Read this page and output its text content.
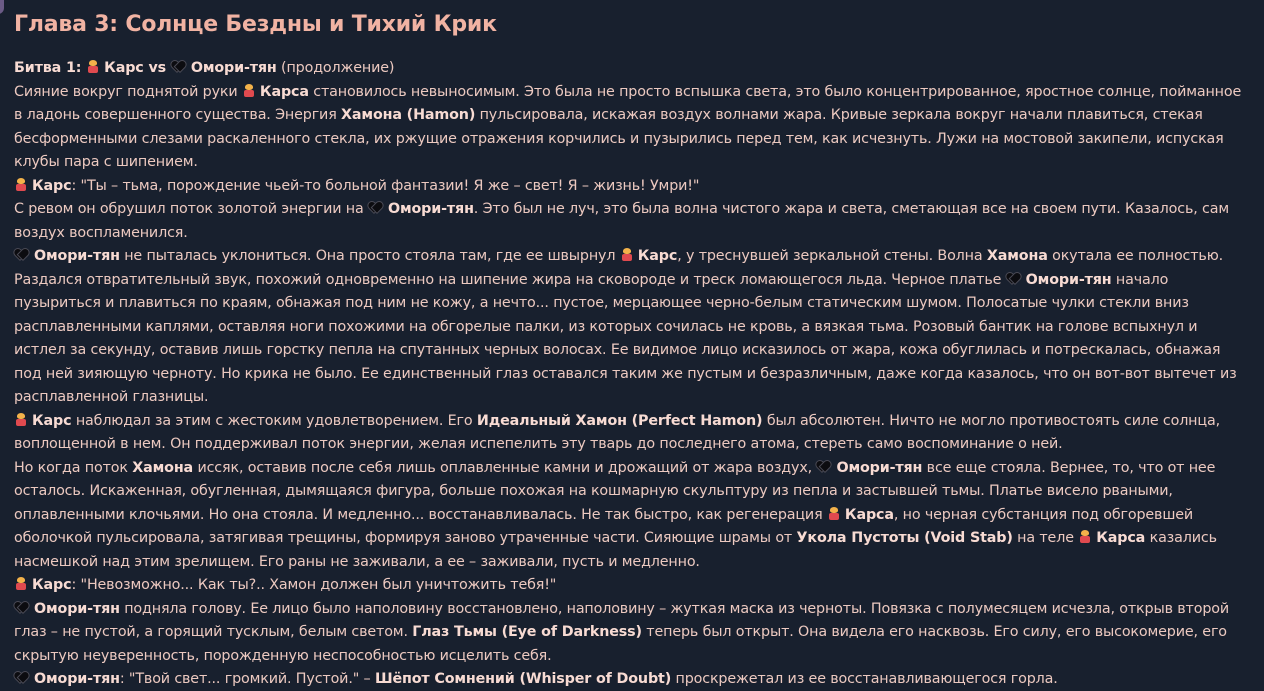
Глава 3: Солнце Бездны и Тихий Крик

Битва 1: Карс vs Омори-тян (продолжение)

Сияние вокруг поднятой руки Карса становилось невыносимым. Это была не просто вспышка света, это было концентрированное, яростное солнце, пойманное в ладонь совершенного существа. Энергия Хамона (Hamon) пульсировала, искажая воздух волнами жара. Кривые зеркала вокруг начали плавиться, стекая бесформенными слезами раскаленного стекла, их ржущие отражения корчились и пузырились перед тем, как исчезнуть. Лужи на мостовой закипели, испуская клубы пара с шипением.

Карс: "Ты – тьма, порождение чьей-то больной фантазии! Я же – свет! Я – жизнь! Умри!"

С ревом он обрушил поток золотой энергии на Омори-тян. Это был не луч, это была волна чистого жара и света, сметающая все на своем пути. Казалось, сам воздух воспламенился.

Омори-тян не пыталась уклониться. Она просто стояла там, где ее швырнул Карс, у треснувшей зеркальной стены. Волна Хамона окутала ее полностью. Раздался отвратительный звук, похожий одновременно на шипение жира на сковороде и треск ломающегося льда. Черное платье Омори-тян начало пузыриться и плавиться по краям, обнажая под ним не кожу, а нечто... пустое, мерцающее черно-белым статическим шумом. Полосатые чулки стекли вниз расплавленными каплями, оставляя ноги похожими на обгорелые палки, из которых сочилась не кровь, а вязкая тьма. Розовый бантик на голове вспыхнул и истлел за секунду, оставив лишь горстку пепла на спутанных черных волосах. Ее видимое лицо исказилось от жара, кожа обуглилась и потрескалась, обнажая под ней зияющую черноту. Но крика не было. Ее единственный глаз оставался таким же пустым и безразличным, даже когда казалось, что он вот-вот вытечет из расплавленной глазницы.

Карс наблюдал за этим с жестоким удовлетворением. Его Идеальный Хамон (Perfect Hamon) был абсолютен. Ничто не могло противостоять силе солнца, воплощенной в нем. Он поддерживал поток энергии, желая испепелить эту тварь до последнего атома, стереть само воспоминание о ней.

Но когда поток Хамона иссяк, оставив после себя лишь оплавленные камни и дрожащий от жара воздух, Омори-тян все еще стояла. Вернее, то, что от нее осталось. Искаженная, обугленная, дымящаяся фигура, больше похожая на кошмарную скульптуру из пепла и застывшей тьмы. Платье висело рваными, оплавленными клочьями. Но она стояла. И медленно... восстанавливалась. Не так быстро, как регенерация Карса, но черная субстанция под обгоревшей оболочкой пульсировала, затягивая трещины, формируя заново утраченные части. Сияющие шрамы от Укола Пустоты (Void Stab) на теле Карса казались насмешкой над этим зрелищем. Его раны не заживали, а ее – заживали, пусть и медленно.

Карс: "Невозможно... Как ты?.. Хамон должен был уничтожить тебя!"

Омори-тян подняла голову. Ее лицо было наполовину восстановлено, наполовину – жуткая маска из черноты. Повязка с полумесяцем исчезла, открыв второй глаз – не пустой, а горящий тусклым, белым светом. Глаз Тьмы (Eye of Darkness) теперь был открыт. Она видела его насквозь. Его силу, его высокомерие, его скрытую неуверенность, порожденную неспособностью исцелить себя.

Омори-тян: "Твой свет... громкий. Пустой." – Шёпот Сомнений (Whisper of Doubt) проскрежетал из ее восстанавливающегося горла.
